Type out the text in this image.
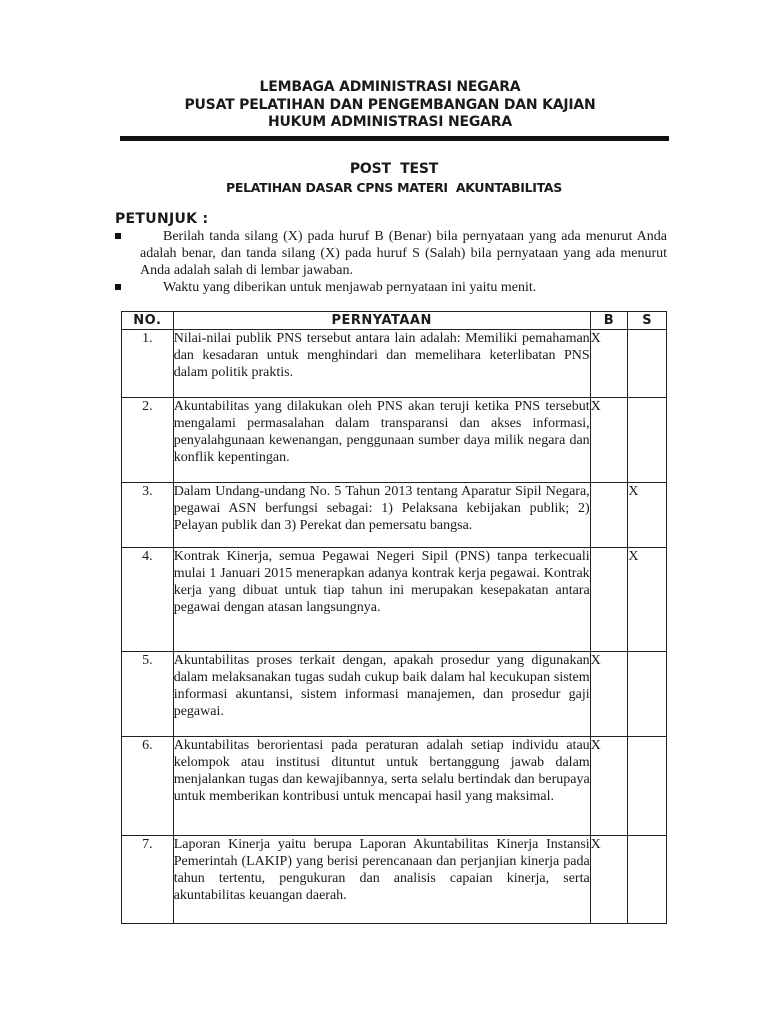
LEMBAGA ADMINISTRASI NEGARA
PUSAT PELATIHAN DAN PENGEMBANGAN DAN KAJIAN
HUKUM ADMINISTRASI NEGARA
POST  TEST
PELATIHAN DASAR CPNS MATERI  AKUNTABILITAS
PETUNJUK :
Berilah tanda silang (X) pada huruf B (Benar) bila pernyataan yang ada menurut Anda adalah benar, dan tanda silang (X) pada huruf S (Salah) bila pernyataan yang ada menurut Anda adalah salah di lembar jawaban.
Waktu yang diberikan untuk menjawab pernyataan ini yaitu menit.
NO.	PERNYATAAN	B	S
1.	Nilai-nilai publik PNS tersebut antara lain adalah: Memiliki pemahaman dan kesadaran untuk menghindari dan memelihara keterlibatan PNS dalam politik praktis.	X	
2.	Akuntabilitas yang dilakukan oleh PNS akan teruji ketika PNS tersebut mengalami permasalahan dalam transparansi dan akses informasi, penyalahgunaan kewenangan, penggunaan sumber daya milik negara dan konflik kepentingan.	X	
3.	Dalam Undang-undang No. 5 Tahun 2013 tentang Aparatur Sipil Negara, pegawai ASN berfungsi sebagai: 1) Pelaksana kebijakan publik; 2) Pelayan publik dan 3) Perekat dan pemersatu bangsa.		X
4.	Kontrak Kinerja, semua Pegawai Negeri Sipil (PNS) tanpa terkecuali mulai 1 Januari 2015 menerapkan adanya kontrak kerja pegawai. Kontrak kerja yang dibuat untuk tiap tahun ini merupakan kesepakatan antara pegawai dengan atasan langsungnya.		X
5.	Akuntabilitas proses terkait dengan, apakah prosedur yang digunakan dalam melaksanakan tugas sudah cukup baik dalam hal kecukupan sistem informasi akuntansi, sistem informasi manajemen, dan prosedur gaji pegawai.	X	
6.	Akuntabilitas berorientasi pada peraturan adalah setiap individu atau kelompok atau institusi dituntut untuk bertanggung jawab dalam menjalankan tugas dan kewajibannya, serta selalu bertindak dan berupaya untuk memberikan kontribusi untuk mencapai hasil yang maksimal.	X	
7.	Laporan Kinerja yaitu berupa Laporan Akuntabilitas Kinerja Instansi Pemerintah (LAKIP) yang berisi perencanaan dan perjanjian kinerja pada tahun tertentu, pengukuran dan analisis capaian kinerja, serta akuntabilitas keuangan daerah.	X	
